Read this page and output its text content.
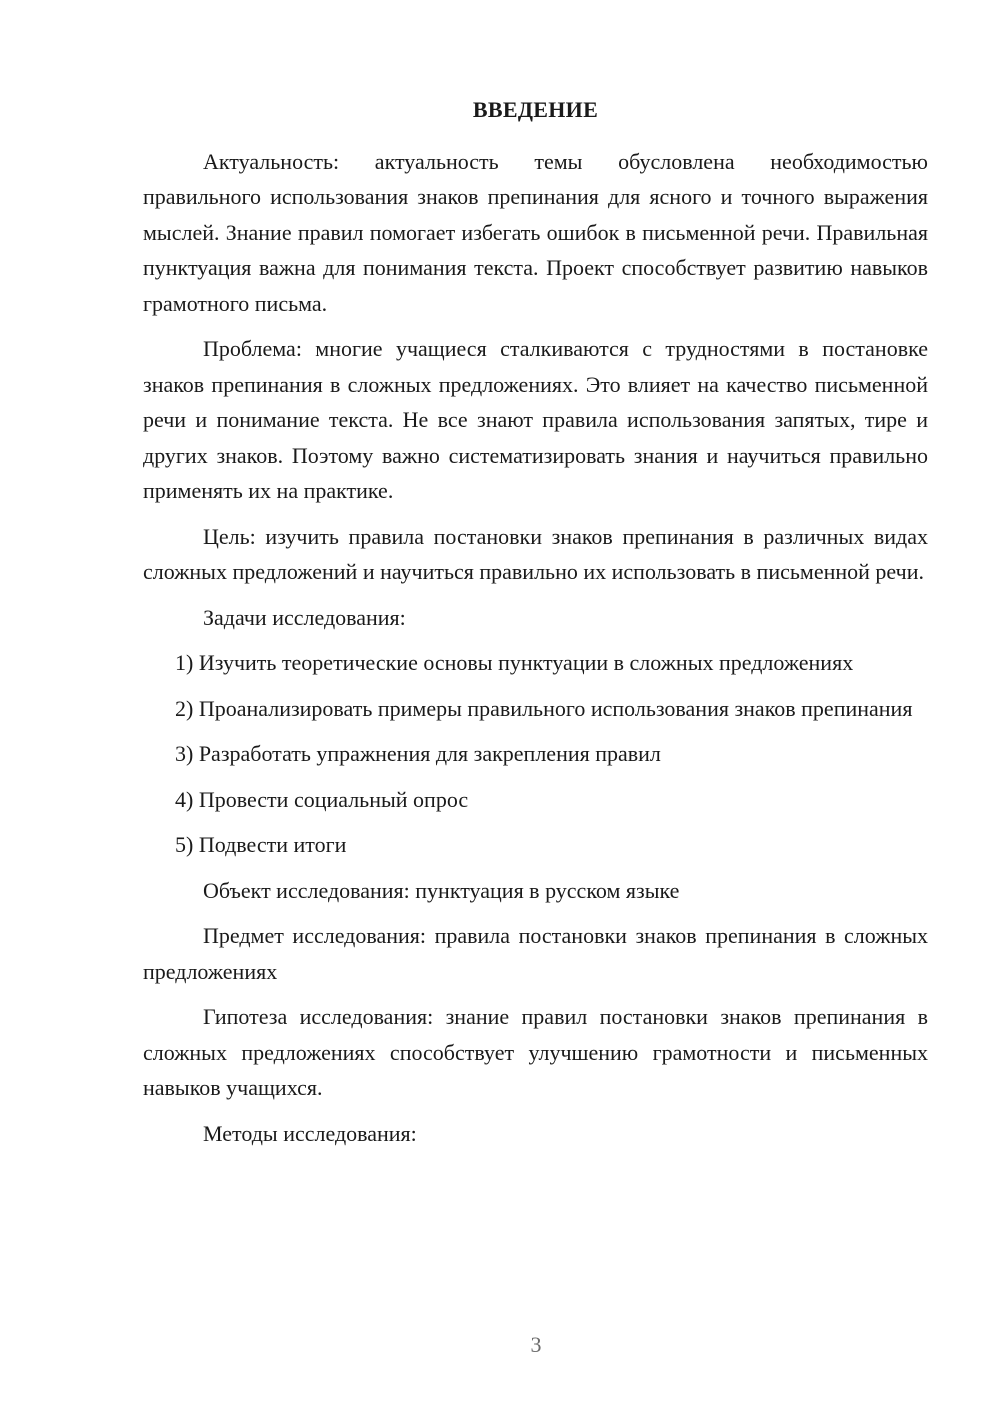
ВВЕДЕНИЕ

Актуальность: актуальность темы обусловлена необходимостью правильного использования знаков препинания для ясного и точного выражения мыслей. Знание правил помогает избегать ошибок в письменной речи. Правильная пунктуация важна для понимания текста. Проект способствует развитию навыков грамотного письма.

Проблема: многие учащиеся сталкиваются с трудностями в постановке знаков препинания в сложных предложениях. Это влияет на качество письменной речи и понимание текста. Не все знают правила использования запятых, тире и других знаков. Поэтому важно систематизировать знания и научиться правильно применять их на практике.

Цель: изучить правила постановки знаков препинания в различных видах сложных предложений и научиться правильно их использовать в письменной речи.

Задачи исследования:

1) Изучить теоретические основы пунктуации в сложных предложениях

2) Проанализировать примеры правильного использования знаков препинания

3) Разработать упражнения для закрепления правил

4) Провести социальный опрос

5) Подвести итоги

Объект исследования: пунктуация в русском языке

Предмет исследования: правила постановки знаков препинания в сложных предложениях

Гипотеза исследования: знание правил постановки знаков препинания в сложных предложениях способствует улучшению грамотности и письменных навыков учащихся.

Методы исследования:

3
